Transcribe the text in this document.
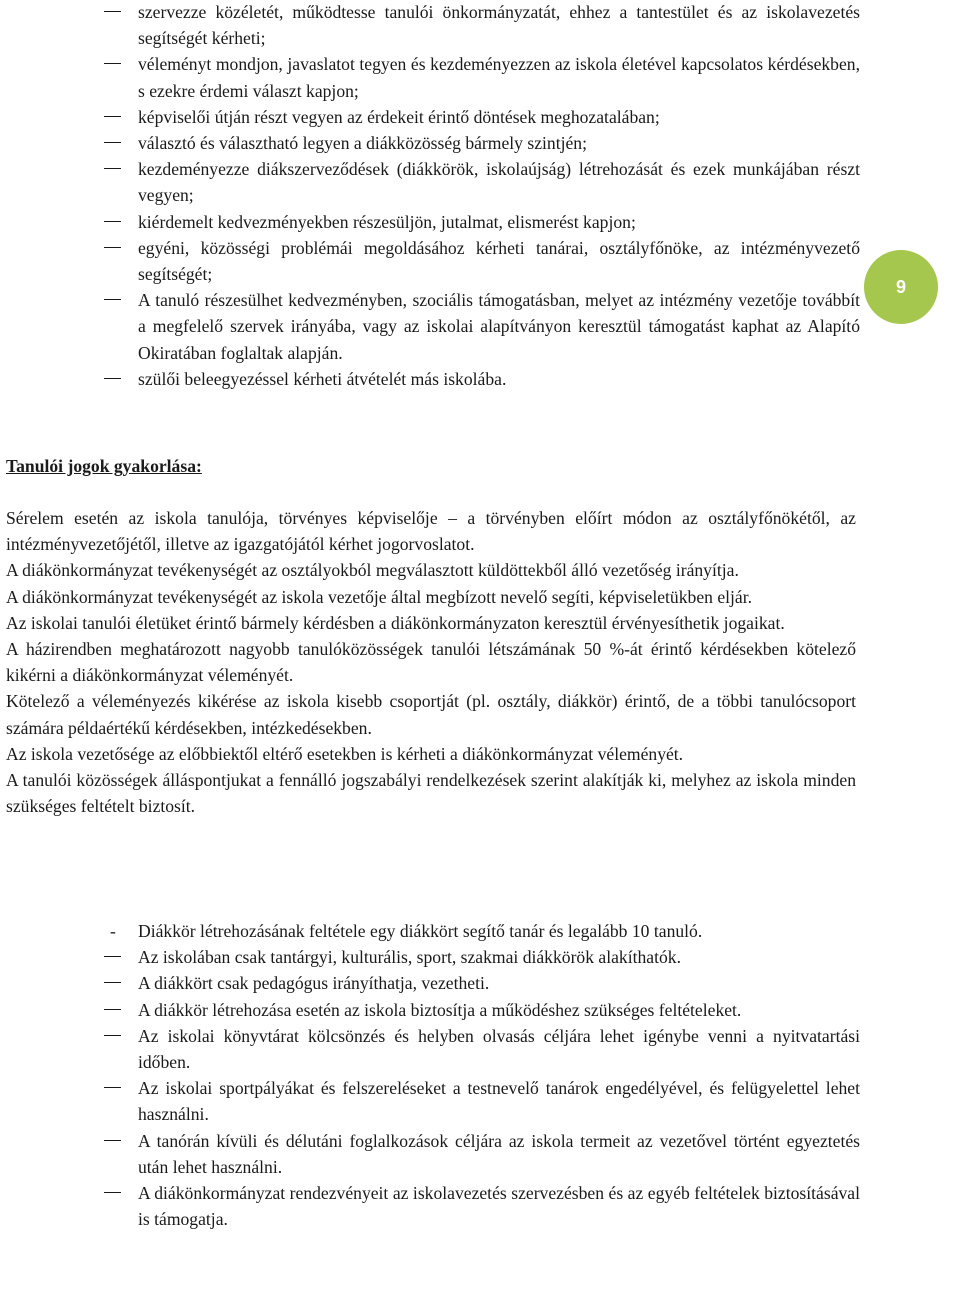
szervezze közéletét, működtesse tanulói önkormányzatát, ehhez a tantestület és az iskolavezetés segítségét kérheti;
véleményt mondjon, javaslatot tegyen és kezdeményezzen az iskola életével kapcsolatos kérdésekben, s ezekre érdemi választ kapjon;
képviselői útján részt vegyen az érdekeit érintő döntések meghozatalában;
választó és választható legyen a diákközösség bármely szintjén;
kezdeményezze diákszerveződések (diákkörök, iskolaújság) létrehozását és ezek munkájában részt vegyen;
kiérdemelt kedvezményekben részesüljön, jutalmat, elismerést kapjon;
egyéni, közösségi problémái megoldásához kérheti tanárai, osztályfőnöke, az intézményvezető segítségét;
A tanuló részesülhet kedvezményben, szociális támogatásban, melyet az intézmény vezetője továbbít a megfelelő szervek irányába, vagy az iskolai alapítványon keresztül támogatást kaphat az Alapító Okiratában foglaltak alapján.
szülői beleegyezéssel kérheti átvételét más iskolába.
9
Tanulói jogok gyakorlása:

Sérelem esetén az iskola tanulója, törvényes képviselője – a törvényben előírt módon az osztályfőnökétől, az intézményvezetőjétől, illetve az igazgatójától kérhet jogorvoslatot.

A diákönkormányzat tevékenységét az osztályokból megválasztott küldöttekből álló vezetőség irányítja.

A diákönkormányzat tevékenységét az iskola vezetője által megbízott nevelő segíti, képviseletükben eljár.

Az iskolai tanulói életüket érintő bármely kérdésben a diákönkormányzaton keresztül érvényesíthetik jogaikat.

A házirendben meghatározott nagyobb tanulóközösségek tanulói létszámának 50 %-át érintő kérdésekben kötelező kikérni a diákönkormányzat véleményét.

Kötelező a véleményezés kikérése az iskola kisebb csoportját (pl. osztály, diákkör) érintő, de a többi tanulócsoport számára példaértékű kérdésekben, intézkedésekben.

Az iskola vezetősége az előbbiektől eltérő esetekben is kérheti a diákönkormányzat véleményét.

A tanulói közösségek álláspontjukat a fennálló jogszabályi rendelkezések szerint alakítják ki, melyhez az iskola minden szükséges feltételt biztosít.

- Diákkör létrehozásának feltétele egy diákkört segítő tanár és legalább 10 tanuló.
Az iskolában csak tantárgyi, kulturális, sport, szakmai diákkörök alakíthatók.
A diákkört csak pedagógus irányíthatja, vezetheti.
A diákkör létrehozása esetén az iskola biztosítja a működéshez szükséges feltételeket.
Az iskolai könyvtárat kölcsönzés és helyben olvasás céljára lehet igénybe venni a nyitvatartási időben.
Az iskolai sportpályákat és felszereléseket a testnevelő tanárok engedélyével, és felügyelettel lehet használni.
A tanórán kívüli és délutáni foglalkozások céljára az iskola termeit az vezetővel történt egyeztetés után lehet használni.
A diákönkormányzat rendezvényeit az iskolavezetés szervezésben és az egyéb feltételek biztosításával is támogatja.
